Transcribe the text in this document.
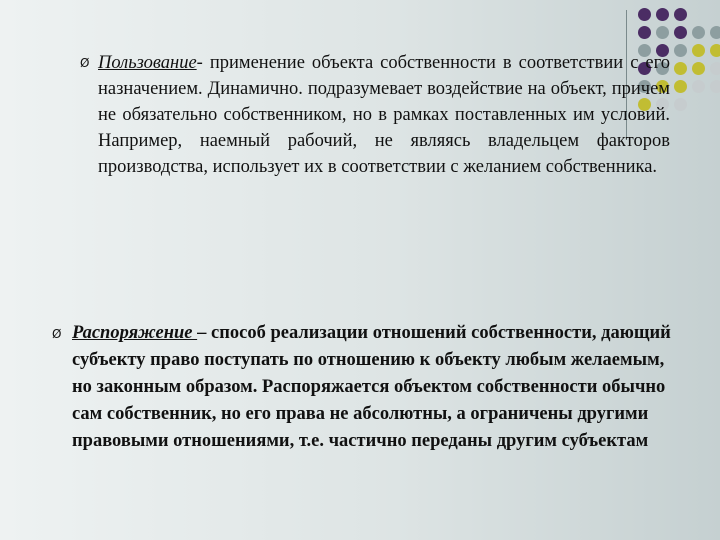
Ø Пользование- применение объекта собственности в соответствии с его назначением. Динамично. подразумевает воздействие на объект, причем не обязательно собственником, но в рамках поставленных им условий. Например, наемный рабочий, не являясь владельцем факторов производства, использует их в соответствии с желанием собственника.
Ø Распоряжение – способ реализации отношений собственности, дающий субъекту право поступать по отношению к объекту любым желаемым, но законным образом. Распоряжается объектом собственности обычно сам собственник, но его права не абсолютны, а ограничены другими правовыми отношениями, т.е. частично переданы другим субъектам
